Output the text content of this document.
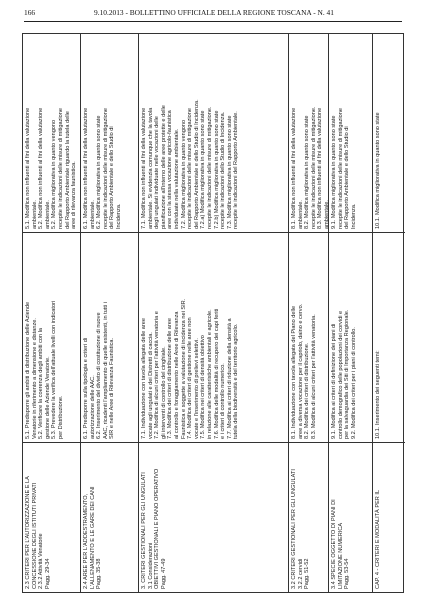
166	9.10.2013 - BOLLETTINO UFFICIALE DELLA REGIONE TOSCANA - N. 41
2.3 CRITERI PER L'AUTORIZZAZIONE E LA CONCESSIONE DEGLI ISTITUTI PRIVATI 2.3.2 Attività Venatorie Pagg. 29-34
5.1. Predisporre gli ambiti di distribuzione delle Aziende Venatorie in riferimento a dimensione e distanze. 5.2. Verificare la coerenza degli ambiti con la gestione delle Aziende Venatorie. 5.3. Prevedere la verifica dell'attuale livelli con indicatori per Distribuzione.
5.1. Modifica non influenti al fini della valutazione ambientale. 5.2. Modifica non influenti al fini della valutazione ambientale. 5.2. Modifica migliorativa in quanto vengono recepite le indicazioni delle misure di mitigazione del Rapporto Ambientale riguardo la tutela delle aree di rilevanza faunistica.
2.4 AREE PER L'ADDESTRAMENTO, L'ALLENAMENTO E LE GARE DEI CANI Pagg. 35-38
6.1. Predisporre sulla tipologia e criteri di autorizzazione delle AAC. 6.2. Inserimento del divieto di costituzione di nuove AAC, ricadenti l'ampliamento di quelle esistenti, in tutti i SIR e nelle Aree di Rilevanza Faunistica.
6.1. Modifica non influenti al fini della valutazione ambientale. 6.2. Modifica migliorativa in quanto sono state recepite le indicazioni delle misure di mitigazione del Rapporto Ambientale e dello Studio di Incidenza.
3. CRITERI GESTIONALI PER GLI UNGULATI 3.1 Considerazioni OBIETTIVI GESTIONALI E PIANO OPERATIVO Pagg. 47-49
7.1. Individuazione con tavola allegata delle aree vocate agli ungulati e dei Distretti di caccia. 7.2. Modifica di alcuni criteri per l'attività venatoria e gli interventi di controllo del cinghiale. 7.3. Modifica dei criteri di distribuzione delle aree al controllo e foraggiamento nelle Aree di Rilevanza Faunistica e soggette a valutazione di incidenza nei SIR. 7.4. Modifica dei criteri di gestione nelle aree non vocate e l'inserimento di prelievi selettivi. 7.5. Modifica nei criteri di densità obiettivo in relazione alle caratteristiche ambientali e agricole. 7.6. Modifica delle modalità di recupero dei capi feriti e i criteri di controllo numerico. 7.7. Modifica ai criteri di riduzione della densità a tutela della biodiversità e del territorio agricolo.
7.1. Modifica non influenti al fini della valutazione ambientale. Si evidenzia comunque che la tavola degli ungulati individuate nelle vocazioni delle pianificazione all'interno delle aree protette e delle aree con la stessa vocazione agricolo-faunistica individuate nella valutazione ambientale. 7.2. Modifica migliorativa in quanto vengono recepite le indicazioni delle misure di mitigazione del Rapporto Ambientale e dello Studio di Incidenza. 7.2.a) Modifica migliorativa in quanto sono state recepite le indicazioni delle misure di mitigazione. 7.2.b) Modifica migliorativa in quanto sono state recepite le indicazioni dello Studio di Incidenza. 7.3. Modifica migliorativa in quanto sono state recepite le indicazioni del Rapporto Ambientale.
3.2 CRITERI GESTIONALI PER GLI UNGULATI 3.2.2 cervidi Pagg. 51-52
8.1. Individuazione con tavola allegata del Piano delle aree a diversa vocazione per il capriolo, daino e cervo. 8.2. Modifica dei criteri di distribuzione. 8.3. Modifica di alcuni criteri per l'attività venatoria.
8.1. Modifica non influenti al fini della valutazione ambientale. 8.2. Modifica migliorativa in quanto sono state recepite le indicazioni delle misure di mitigazione. 8.3. Modifica non influenti al fini della valutazione ambientale.
3.4 SPECIE OGGETTO DI PIANI DI LIMITAZIONE NUMERICA Pagg. 53-54
9.1. Modifica ai criteri di definizione dei piani di controllo demografico delle popolazioni dei corvidi e per la salvaguardia dei Siti di Importanza Regionale. 9.2. Modifica dei criteri per i piani di controllo.
9.1. Modifica migliorativa in quanto sono state recepite le indicazioni delle misure di mitigazione del Rapporto Ambientale e dello Studio di Incidenza.
CAP. 4 - CRITERI E MODALITÀ PER IL
10.1. Inserimento dei seguenti temi:
10.1. Modifica migliorativa in quanto sono state
